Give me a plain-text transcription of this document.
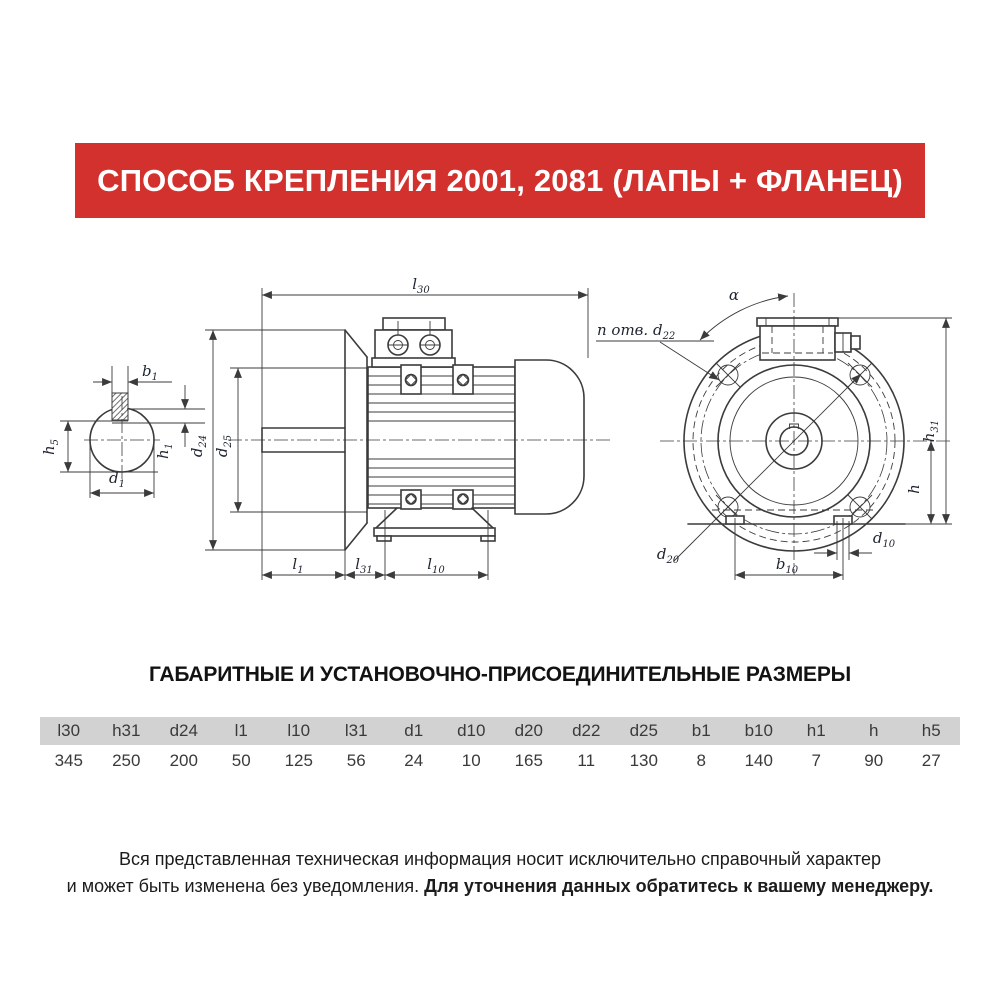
СПОСОБ КРЕПЛЕНИЯ 2001, 2081 (ЛАПЫ + ФЛАНЕЦ)
$b_1$
$h_1$
$h_5$
$d_1$
$l_{30}$
$d_{24}$
$d_{25}$
$l_1$	$l_{31}$	$l_{10}$
$d_{20}$
n отв. $d_{22}$
α
$h_{31}$
h
$d_{10}$
$b_{10}$
ГАБАРИТНЫЕ И УСТАНОВОЧНО-ПРИСОЕДИНИТЕЛЬНЫЕ РАЗМЕРЫ
l30	h31	d24	l1	l10	l31	d1	d10	d20	d22	d25	b1	b10	h1	h	h5
345	250	200	50	125	56	24	10	165	11	130	8	140	7	90	27
Вся представленная техническая информация носит исключительно справочный характер
и может быть изменена без уведомления. Для уточнения данных обратитесь к вашему менеджеру.
